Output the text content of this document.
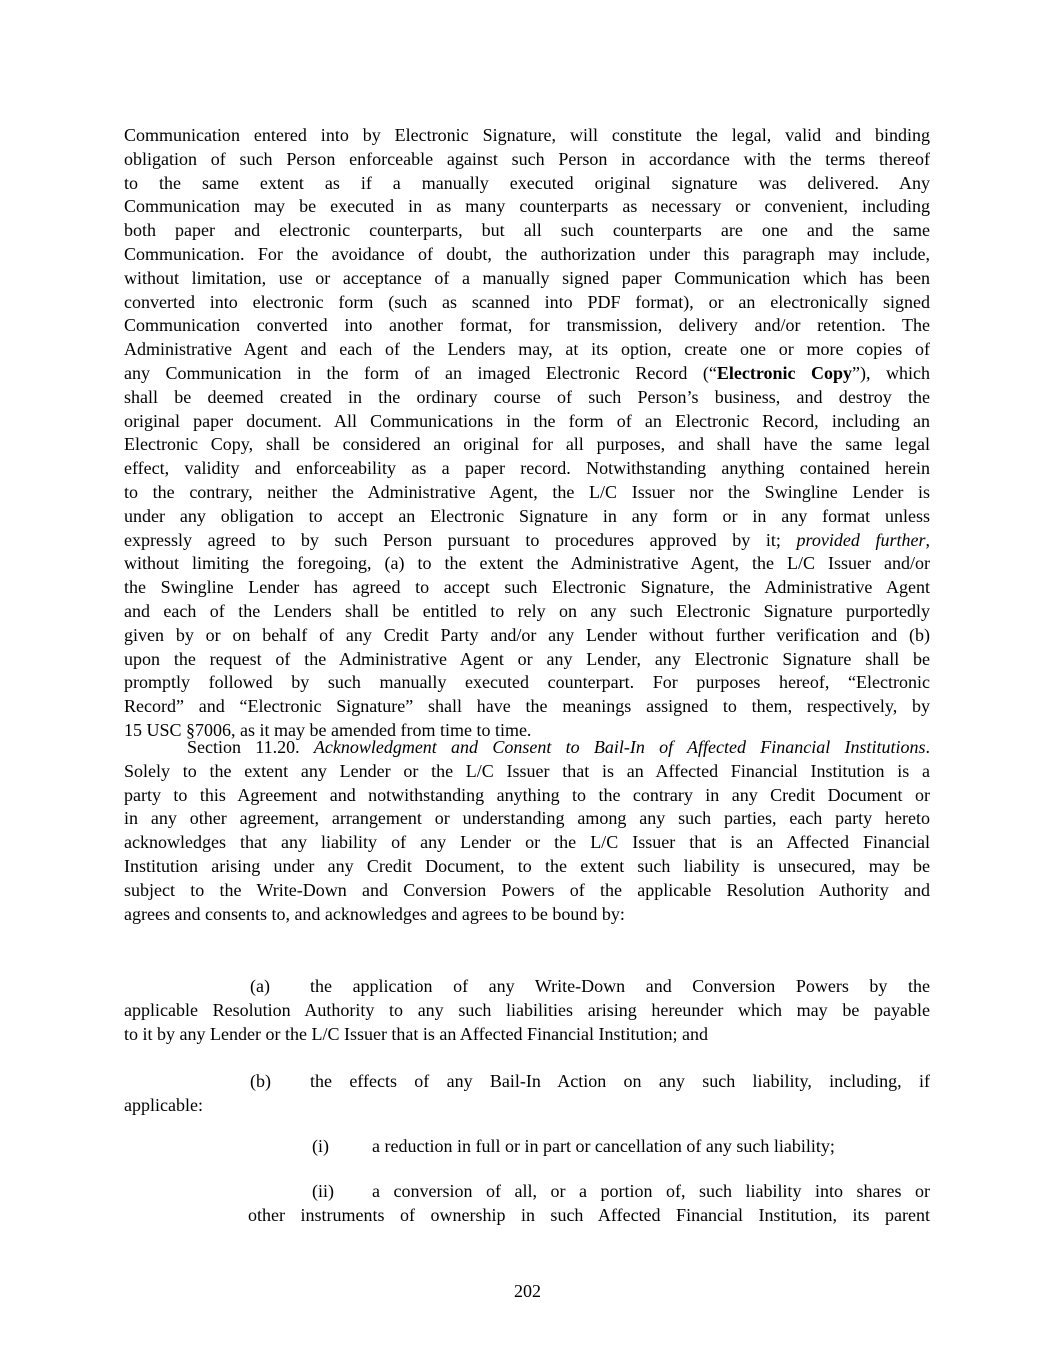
Communication entered into by Electronic Signature, will constitute the legal, valid and binding
obligation of such Person enforceable against such Person in accordance with the terms thereof
to the same extent as if a manually executed original signature was delivered. Any
Communication may be executed in as many counterparts as necessary or convenient, including
both paper and electronic counterparts, but all such counterparts are one and the same
Communication. For the avoidance of doubt, the authorization under this paragraph may include,
without limitation, use or acceptance of a manually signed paper Communication which has been
converted into electronic form (such as scanned into PDF format), or an electronically signed
Communication converted into another format, for transmission, delivery and/or retention. The
Administrative Agent and each of the Lenders may, at its option, create one or more copies of
any Communication in the form of an imaged Electronic Record (“Electronic Copy”), which
shall be deemed created in the ordinary course of such Person’s business, and destroy the
original paper document. All Communications in the form of an Electronic Record, including an
Electronic Copy, shall be considered an original for all purposes, and shall have the same legal
effect, validity and enforceability as a paper record. Notwithstanding anything contained herein
to the contrary, neither the Administrative Agent, the L/C Issuer nor the Swingline Lender is
under any obligation to accept an Electronic Signature in any form or in any format unless
expressly agreed to by such Person pursuant to procedures approved by it; provided further,
without limiting the foregoing, (a) to the extent the Administrative Agent, the L/C Issuer and/or
the Swingline Lender has agreed to accept such Electronic Signature, the Administrative Agent
and each of the Lenders shall be entitled to rely on any such Electronic Signature purportedly
given by or on behalf of any Credit Party and/or any Lender without further verification and (b)
upon the request of the Administrative Agent or any Lender, any Electronic Signature shall be
promptly followed by such manually executed counterpart. For purposes hereof, “Electronic
Record” and “Electronic Signature” shall have the meanings assigned to them, respectively, by
15 USC §7006, as it may be amended from time to time.
Section 11.20. Acknowledgment and Consent to Bail-In of Affected Financial Institutions.
Solely to the extent any Lender or the L/C Issuer that is an Affected Financial Institution is a
party to this Agreement and notwithstanding anything to the contrary in any Credit Document or
in any other agreement, arrangement or understanding among any such parties, each party hereto
acknowledges that any liability of any Lender or the L/C Issuer that is an Affected Financial
Institution arising under any Credit Document, to the extent such liability is unsecured, may be
subject to the Write-Down and Conversion Powers of the applicable Resolution Authority and
agrees and consents to, and acknowledges and agrees to be bound by:
(a) the application of any Write-Down and Conversion Powers by the
applicable Resolution Authority to any such liabilities arising hereunder which may be payable
to it by any Lender or the L/C Issuer that is an Affected Financial Institution; and
(b) the effects of any Bail-In Action on any such liability, including, if
applicable:
(i) a reduction in full or in part or cancellation of any such liability;
(ii) a conversion of all, or a portion of, such liability into shares or
other instruments of ownership in such Affected Financial Institution, its parent
202
